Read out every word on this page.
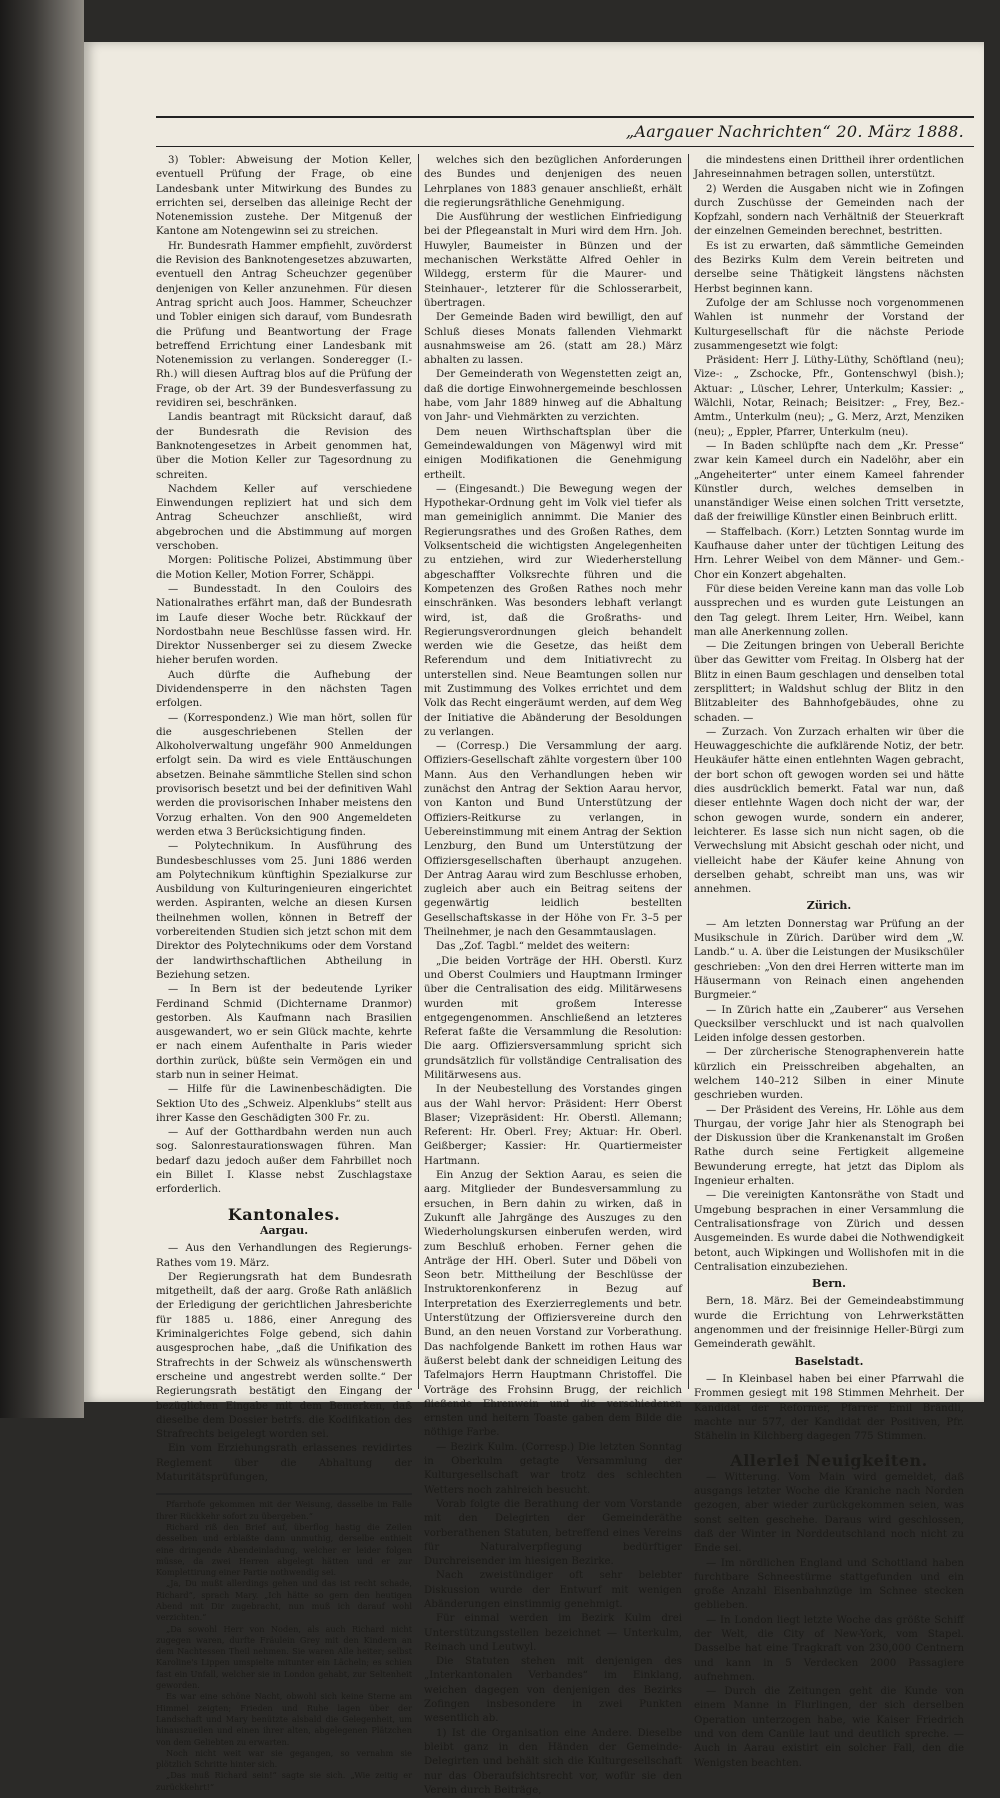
„Aargauer Nachrichten“ 20. März 1888.

3) Tobler: Abweisung der Motion Keller, eventuell Prüfung der Frage, ob eine Landesbank unter Mitwirkung des Bundes zu errichten sei, derselben das alleinige Recht der Notenemission zustehe. Der Mitgenuß der Kantone am Notengewinn sei zu streichen.

Hr. Bundesrath Hammer empfiehlt, zuvörderst die Revision des Banknotengesetzes abzuwarten, eventuell den Antrag Scheuchzer gegenüber denjenigen von Keller anzunehmen. Für diesen Antrag spricht auch Joos. Hammer, Scheuchzer und Tobler einigen sich darauf, vom Bundesrath die Prüfung und Beantwortung der Frage betreffend Errichtung einer Landesbank mit Notenemission zu verlangen. Sonderegger (I.-Rh.) will diesen Auftrag blos auf die Prüfung der Frage, ob der Art. 39 der Bundesverfassung zu revidiren sei, beschränken.

Landis beantragt mit Rücksicht darauf, daß der Bundesrath die Revision des Banknotengesetzes in Arbeit genommen hat, über die Motion Keller zur Tagesordnung zu schreiten.

Nachdem Keller auf verschiedene Einwendungen repliziert hat und sich dem Antrag Scheuchzer anschließt, wird abgebrochen und die Abstimmung auf morgen verschoben.

Morgen: Politische Polizei, Abstimmung über die Motion Keller, Motion Forrer, Schäppi.

— Bundesstadt. In den Couloirs des Nationalrathes erfährt man, daß der Bundesrath im Laufe dieser Woche betr. Rückkauf der Nordostbahn neue Beschlüsse fassen wird. Hr. Direktor Nussenberger sei zu diesem Zwecke hieher berufen worden.

Auch dürfte die Aufhebung der Dividendensperre in den nächsten Tagen erfolgen.

— (Korrespondenz.) Wie man hört, sollen für die ausgeschriebenen Stellen der Alkoholverwaltung ungefähr 900 Anmeldungen erfolgt sein. Da wird es viele Enttäuschungen absetzen. Beinahe sämmtliche Stellen sind schon provisorisch besetzt und bei der definitiven Wahl werden die provisorischen Inhaber meistens den Vorzug erhalten. Von den 900 Angemeldeten werden etwa 3 Berücksichtigung finden.

— Polytechnikum. In Ausführung des Bundesbeschlusses vom 25. Juni 1886 werden am Polytechnikum künftighin Spezialkurse zur Ausbildung von Kulturingenieuren eingerichtet werden. Aspiranten, welche an diesen Kursen theilnehmen wollen, können in Betreff der vorbereitenden Studien sich jetzt schon mit dem Direktor des Polytechnikums oder dem Vorstand der landwirthschaftlichen Abtheilung in Beziehung setzen.

— In Bern ist der bedeutende Lyriker Ferdinand Schmid (Dichtername Dranmor) gestorben. Als Kaufmann nach Brasilien ausgewandert, wo er sein Glück machte, kehrte er nach einem Aufenthalte in Paris wieder dorthin zurück, büßte sein Vermögen ein und starb nun in seiner Heimat.

— Hilfe für die Lawinenbeschädigten. Die Sektion Uto des „Schweiz. Alpenklubs“ stellt aus ihrer Kasse den Geschädigten 300 Fr. zu.

— Auf der Gotthardbahn werden nun auch sog. Salonrestaurationswagen führen. Man bedarf dazu jedoch außer dem Fahrbillet noch ein Billet I. Klasse nebst Zuschlagstaxe erforderlich.

Kantonales.
Aargau.

— Aus den Verhandlungen des Regierungs-Rathes vom 19. März.

Der Regierungsrath hat dem Bundesrath mitgetheilt, daß der aarg. Große Rath anläßlich der Erledigung der gerichtlichen Jahresberichte für 1885 u. 1886, einer Anregung des Kriminalgerichtes Folge gebend, sich dahin ausgesprochen habe, „daß die Unifikation des Strafrechts in der Schweiz als wünschenswerth erscheine und angestrebt werden sollte.“ Der Regierungsrath bestätigt den Eingang der bezüglichen Eingabe mit dem Bemerken, daß dieselbe dem Dossier betrfs. die Kodifikation des Strafrechts beigelegt worden sei.

Ein vom Erziehungsrath erlassenes revidirtes Reglement über die Abhaltung der Maturitätsprüfungen,

Pfarrhofe gekommen mit der Weisung, dasselbe im Falle Ihrer Rückkehr sofort zu übergeben.“

Richard riß den Brief auf, überflog hastig die Zeilen desselben und erblaßte dann unmuthig, derselbe enthielt eine dringende Abendeinladung, welcher er leider folgen müsse, da zwei Herren abgelegt hätten und er zur Komplettirung einer Partie nothwendig sei.

„Ja, Du mußt allerdings gehen und das ist recht schade, Richard“, sprach Mary. „Ich hätte so gern den heutigen Abend mit Dir zugebracht, nun muß ich darauf wohl verzichten.“

„Da sowohl Herr von Noden, als auch Richard nicht zugegen waren, durfte Fräulein Grey mit den Kindern an dem Nachtessen Theil nehmen. Sie waren Alle heiter; selbst Karoline's Lippen umspielte mitunter ein Lächeln; es schien fast ein Unfall, welcher sie in London gehabt, zur Seltenheit geworden.

Es war eine schöne Nacht, obwohl sich keine Sterne am Himmel zeigten; Frieden und Ruhe lagen über der Landschaft und Mary benützte alsbald die Gelegenheit, um hinauszueilen und einen ihrer alten, abgelegenen Plätzchen von dem Geliebten zu erwarten.

Noch nicht weit war sie gegangen, so vernahm sie plötzlich Schritte hinter sich.

„Das muß Richard sein!“ sagte sie sich. „Wie zeitig er zurückkehrt!“

welches sich den bezüglichen Anforderungen des Bundes und denjenigen des neuen Lehrplanes von 1883 genauer anschließt, erhält die regierungsräthliche Genehmigung.

Die Ausführung der westlichen Einfriedigung bei der Pflegeanstalt in Muri wird dem Hrn. Joh. Huwyler, Baumeister in Bünzen und der mechanischen Werkstätte Alfred Oehler in Wildegg, ersterm für die Maurer- und Steinhauer-, letzterer für die Schlosserarbeit, übertragen.

Der Gemeinde Baden wird bewilligt, den auf Schluß dieses Monats fallenden Viehmarkt ausnahmsweise am 26. (statt am 28.) März abhalten zu lassen.

Der Gemeinderath von Wegenstetten zeigt an, daß die dortige Einwohnergemeinde beschlossen habe, vom Jahr 1889 hinweg auf die Abhaltung von Jahr- und Viehmärkten zu verzichten.

Dem neuen Wirthschaftsplan über die Gemeindewaldungen von Mägenwyl wird mit einigen Modifikationen die Genehmigung ertheilt.

— (Eingesandt.) Die Bewegung wegen der Hypothekar-Ordnung geht im Volk viel tiefer als man gemeiniglich annimmt. Die Manier des Regierungsrathes und des Großen Rathes, dem Volksentscheid die wichtigsten Angelegenheiten zu entziehen, wird zur Wiederherstellung abgeschaffter Volksrechte führen und die Kompetenzen des Großen Rathes noch mehr einschränken. Was besonders lebhaft verlangt wird, ist, daß die Großraths- und Regierungsverordnungen gleich behandelt werden wie die Gesetze, das heißt dem Referendum und dem Initiativrecht zu unterstellen sind. Neue Beamtungen sollen nur mit Zustimmung des Volkes errichtet und dem Volk das Recht eingeräumt werden, auf dem Weg der Initiative die Abänderung der Besoldungen zu verlangen.

— (Corresp.) Die Versammlung der aarg. Offiziers-Gesellschaft zählte vorgestern über 100 Mann. Aus den Verhandlungen heben wir zunächst den Antrag der Sektion Aarau hervor, von Kanton und Bund Unterstützung der Offiziers-Reitkurse zu verlangen, in Uebereinstimmung mit einem Antrag der Sektion Lenzburg, den Bund um Unterstützung der Offiziersgesellschaften überhaupt anzugehen. Der Antrag Aarau wird zum Beschlusse erhoben, zugleich aber auch ein Beitrag seitens der gegenwärtig leidlich bestellten Gesellschaftskasse in der Höhe von Fr. 3–5 per Theilnehmer, je nach den Gesammtauslagen.

Das „Zof. Tagbl.“ meldet des weitern:

„Die beiden Vorträge der HH. Oberstl. Kurz und Oberst Coulmiers und Hauptmann Irminger über die Centralisation des eidg. Militärwesens wurden mit großem Interesse entgegengenommen. Anschließend an letzteres Referat faßte die Versammlung die Resolution: Die aarg. Offiziersversammlung spricht sich grundsätzlich für vollständige Centralisation des Militärwesens aus.

In der Neubestellung des Vorstandes gingen aus der Wahl hervor: Präsident: Herr Oberst Blaser; Vizepräsident: Hr. Oberstl. Allemann; Referent: Hr. Oberl. Frey; Aktuar: Hr. Oberl. Geißberger; Kassier: Hr. Quartiermeister Hartmann.

Ein Anzug der Sektion Aarau, es seien die aarg. Mitglieder der Bundesversammlung zu ersuchen, in Bern dahin zu wirken, daß in Zukunft alle Jahrgänge des Auszuges zu den Wiederholungskursen einberufen werden, wird zum Beschluß erhoben. Ferner gehen die Anträge der HH. Oberl. Suter und Döbeli von Seon betr. Mittheilung der Beschlüsse der Instruktorenkonferenz in Bezug auf Interpretation des Exerzierreglements und betr. Unterstützung der Offiziersvereine durch den Bund, an den neuen Vorstand zur Vorberathung. Das nachfolgende Bankett im rothen Haus war äußerst belebt dank der schneidigen Leitung des Tafelmajors Herrn Hauptmann Christoffel. Die Vorträge des Frohsinn Brugg, der reichlich fließende Ehrenwein und die verschiedenen ernsten und heitern Toaste gaben dem Bilde die nöthige Farbe.

— Bezirk Kulm. (Corresp.) Die letzten Sonntag in Oberkulm getagte Versammlung der Kulturgesellschaft war trotz des schlechten Wetters noch zahlreich besucht.

Vorab folgte die Berathung der vom Vorstande mit den Delegirten der Gemeinderäthe vorberathenen Statuten, betreffend eines Vereins für Naturalverpflegung bedürftiger Durchreisender im hiesigen Bezirke.

Nach zweistündiger oft sehr belebter Diskussion wurde der Entwurf mit wenigen Abänderungen einstimmig genehmigt.

Für einmal werden im Bezirk Kulm drei Unterstützungsstellen bezeichnet — Unterkulm, Reinach und Leutwyl.

Die Statuten stehen mit denjenigen des „Interkantonalen Verbandes“ im Einklang, weichen dagegen von denjenigen des Bezirks Zofingen insbesondere in zwei Punkten wesentlich ab.

1) Ist die Organisation eine Andere. Dieselbe bleibt ganz in den Händen der Gemeinde-Delegirten und behält sich die Kulturgesellschaft nur das Oberaufsichtsrecht vor, wofür sie den Verein durch Beiträge,

die mindestens einen Drittheil ihrer ordentlichen Jahreseinnahmen betragen sollen, unterstützt.

2) Werden die Ausgaben nicht wie in Zofingen durch Zuschüsse der Gemeinden nach der Kopfzahl, sondern nach Verhältniß der Steuerkraft der einzelnen Gemeinden berechnet, bestritten.

Es ist zu erwarten, daß sämmtliche Gemeinden des Bezirks Kulm dem Verein beitreten und derselbe seine Thätigkeit längstens nächsten Herbst beginnen kann.

Zufolge der am Schlusse noch vorgenommenen Wahlen ist nunmehr der Vorstand der Kulturgesellschaft für die nächste Periode zusammengesetzt wie folgt:

Präsident: Herr J. Lüthy-Lüthy, Schöftland (neu); Vize-: „ Zschocke, Pfr., Gontenschwyl (bish.); Aktuar: „ Lüscher, Lehrer, Unterkulm; Kassier: „ Wälchli, Notar, Reinach; Beisitzer: „ Frey, Bez.-Amtm., Unterkulm (neu); „ G. Merz, Arzt, Menziken (neu); „ Eppler, Pfarrer, Unterkulm (neu).

— In Baden schlüpfte nach dem „Kr. Presse“ zwar kein Kameel durch ein Nadelöhr, aber ein „Angeheiterter“ unter einem Kameel fahrender Künstler durch, welches demselben in unanständiger Weise einen solchen Tritt versetzte, daß der freiwillige Künstler einen Beinbruch erlitt.

— Staffelbach. (Korr.) Letzten Sonntag wurde im Kaufhause daher unter der tüchtigen Leitung des Hrn. Lehrer Weibel von dem Männer- und Gem.-Chor ein Konzert abgehalten.

Für diese beiden Vereine kann man das volle Lob aussprechen und es wurden gute Leistungen an den Tag gelegt. Ihrem Leiter, Hrn. Weibel, kann man alle Anerkennung zollen.

— Die Zeitungen bringen von Ueberall Berichte über das Gewitter vom Freitag. In Olsberg hat der Blitz in einen Baum geschlagen und denselben total zersplittert; in Waldshut schlug der Blitz in den Blitzableiter des Bahnhofgebäudes, ohne zu schaden. —

— Zurzach. Von Zurzach erhalten wir über die Heuwaggeschichte die aufklärende Notiz, der betr. Heukäufer hätte einen entlehnten Wagen gebracht, der bort schon oft gewogen worden sei und hätte dies ausdrücklich bemerkt. Fatal war nun, daß dieser entlehnte Wagen doch nicht der war, der schon gewogen wurde, sondern ein anderer, leichterer. Es lasse sich nun nicht sagen, ob die Verwechslung mit Absicht geschah oder nicht, und vielleicht habe der Käufer keine Ahnung von derselben gehabt, schreibt man uns, was wir annehmen.

Zürich.

— Am letzten Donnerstag war Prüfung an der Musikschule in Zürich. Darüber wird dem „W. Landb.“ u. A. über die Leistungen der Musikschüler geschrieben: „Von den drei Herren witterte man im Häusermann von Reinach einen angehenden Burgmeier.“

— In Zürich hatte ein „Zauberer“ aus Versehen Quecksilber verschluckt und ist nach qualvollen Leiden infolge dessen gestorben.

— Der zürcherische Stenographenverein hatte kürzlich ein Preisschreiben abgehalten, an welchem 140–212 Silben in einer Minute geschrieben wurden.

— Der Präsident des Vereins, Hr. Löhle aus dem Thurgau, der vorige Jahr hier als Stenograph bei der Diskussion über die Krankenanstalt im Großen Rathe durch seine Fertigkeit allgemeine Bewunderung erregte, hat jetzt das Diplom als Ingenieur erhalten.

— Die vereinigten Kantonsräthe von Stadt und Umgebung besprachen in einer Versammlung die Centralisationsfrage von Zürich und dessen Ausgemeinden. Es wurde dabei die Nothwendigkeit betont, auch Wipkingen und Wollishofen mit in die Centralisation einzubeziehen.

Bern.

Bern, 18. März. Bei der Gemeindeabstimmung wurde die Errichtung von Lehrwerkstätten angenommen und der freisinnige Heller-Bürgi zum Gemeinderath gewählt.

Baselstadt.

— In Kleinbasel haben bei einer Pfarrwahl die Frommen gesiegt mit 198 Stimmen Mehrheit. Der Kandidat der Reformer, Pfarrer Emil Brändli, machte nur 577, der Kandidat der Positiven, Pfr. Stähelin in Kilchberg dagegen 775 Stimmen.

Allerlei Neuigkeiten.

— Witterung. Vom Main wird gemeldet, daß ausgangs letzter Woche die Kraniche nach Norden gezogen, aber wieder zurückgekommen seien, was sonst selten geschehe. Daraus wird geschlossen, daß der Winter in Norddeutschland noch nicht zu Ende sei.

— Im nördlichen England und Schottland haben furchtbare Schneestürme stattgefunden und ein große Anzahl Eisenbahnzüge im Schnee stecken geblieben.

— In London liegt letzte Woche das größte Schiff der Welt, die City of New-York, vom Stapel. Dasselbe hat eine Tragkraft von 230,000 Centnern und kann in 5 Verdecken 2000 Passagiere aufnehmen.

— Durch die Zeitungen geht die Kunde von einem Manne in Flurlingen, der sich derselben Operation unterzogen habe, wie Kaiser Friedrich und von dem Canüle laut und deutlich spreche. — Auch in Aarau existirt ein solcher Fall, den die Wenigsten beachten.
